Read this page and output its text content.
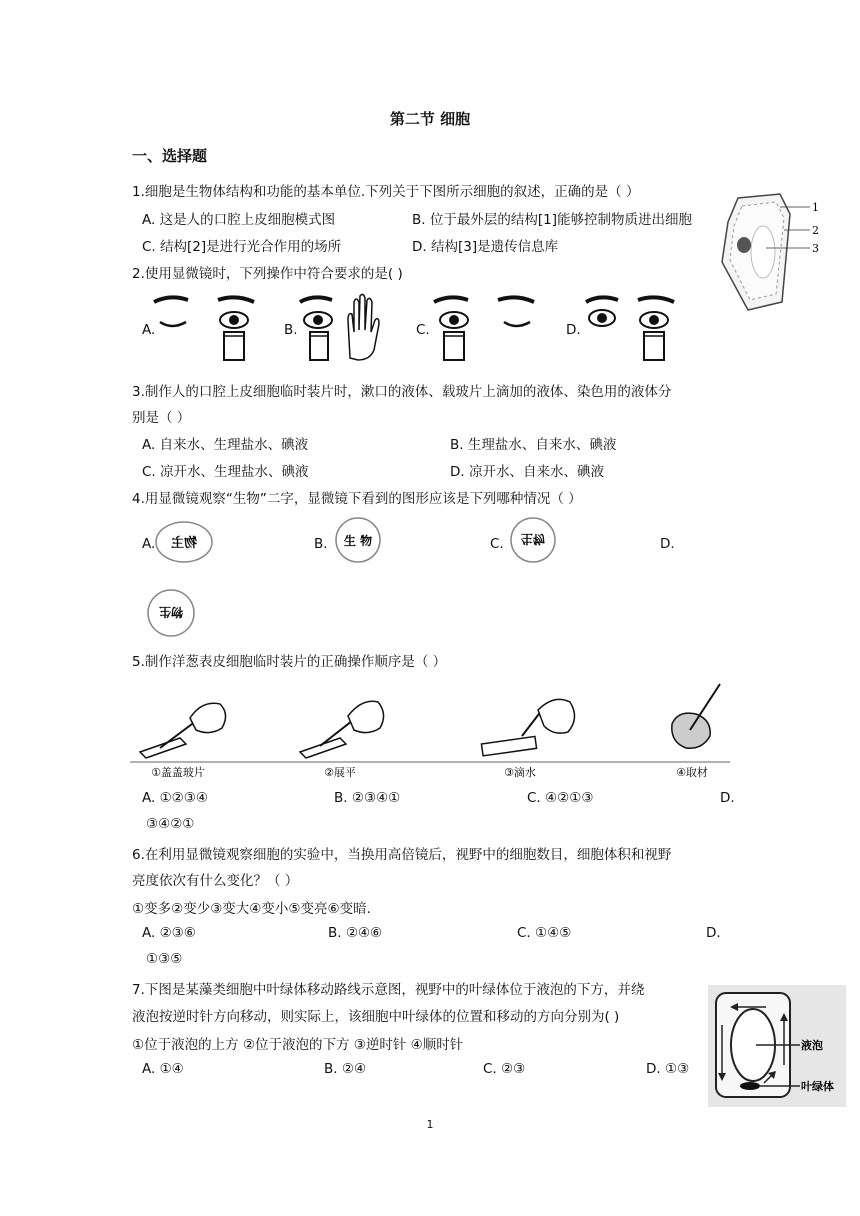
第二节 细胞
一、选择题
1.细胞是生物体结构和功能的基本单位.下列关于下图所示细胞的叙述，正确的是（ ）
A. 这是人的口腔上皮细胞模式图	B. 位于最外层的结构[1]能够控制物质进出细胞
C. 结构[2]是进行光合作用的场所	D. 结构[3]是遗传信息库
1
2
3
2.使用显微镜时，下列操作中符合要求的是( )
A.	B.	C.	D.
3.制作人的口腔上皮细胞临时装片时，漱口的液体、载玻片上滴加的液体、染色用的液体分
别是（ ）
A. 自来水、生理盐水、碘液	B. 生理盐水、自来水、碘液
C. 凉开水、生理盐水、碘液	D. 凉开水、自来水、碘液
4.用显微镜观察“生物”二字，显微镜下看到的图形应该是下列哪种情况（ ）
A. 物主	B. 生 物	C. 生物	D.
物生
5.制作洋葱表皮细胞临时装片的正确操作顺序是（ ）
①盖盖玻片	②展平	③滴水	④取材
A. ①②③④	B. ②③④①	C. ④②①③	D.
③④②①
6.在利用显微镜观察细胞的实验中，当换用高倍镜后，视野中的细胞数目，细胞体积和视野
亮度依次有什么变化？（ ）
①变多②变少③变大④变小⑤变亮⑥变暗.
A. ②③⑥	B. ②④⑥	C. ①④⑤	D.
①③⑤
7.下图是某藻类细胞中叶绿体移动路线示意图，视野中的叶绿体位于液泡的下方，并绕
液泡按逆时针方向移动，则实际上，该细胞中叶绿体的位置和移动的方向分别为( )
①位于液泡的上方 ②位于液泡的下方 ③逆时针 ④顺时针
A. ①④	B. ②④	C. ②③	D. ①③
液泡
叶绿体
1
